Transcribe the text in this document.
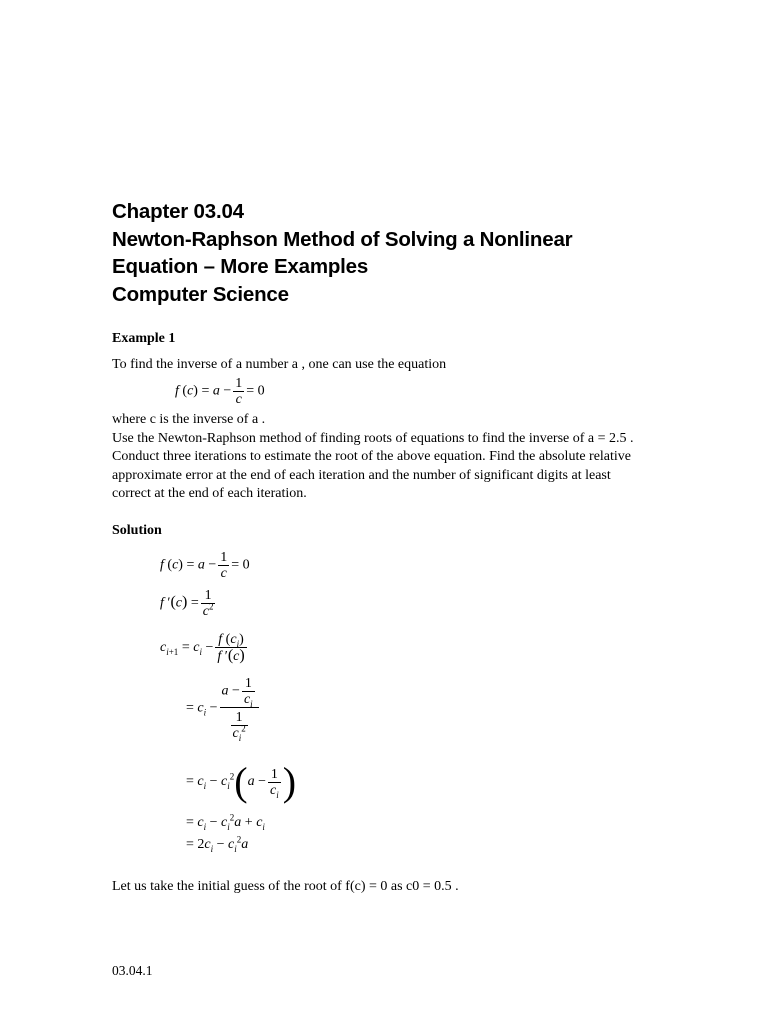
Chapter 03.04
Newton-Raphson Method of Solving a Nonlinear
Equation – More Examples
Computer Science
Example 1
To find the inverse of a number a , one can use the equation
f $(c) = a - \frac{1}{c} = 0$
where c is the inverse of a .
Use the Newton-Raphson method of finding roots of equations to find the inverse of a = 2.5 .
Conduct three iterations to estimate the root of the above equation. Find the absolute relative
approximate error at the end of each iteration and the number of significant digits at least
correct at the end of each iteration.
Solution
f $(c) = a - \frac{1}{c} = 0$
f $'(c) = \frac{1}{c^2}$
$c_{i+1} = c_i - \frac{f (c_i)}{f '(c)}$
= $c_i - \frac{a - \frac{1}{c_i}}{\frac{1}{c_i^2}}$
= $c_i - c_i^2(a - \frac{1}{c_i}$ )
= $c_i - c_i^2a + c_i$
= $2c_i - c_i^2a$
Let us take the initial guess of the root of f(c) = 0 as c0 = 0.5 .
03.04.1
